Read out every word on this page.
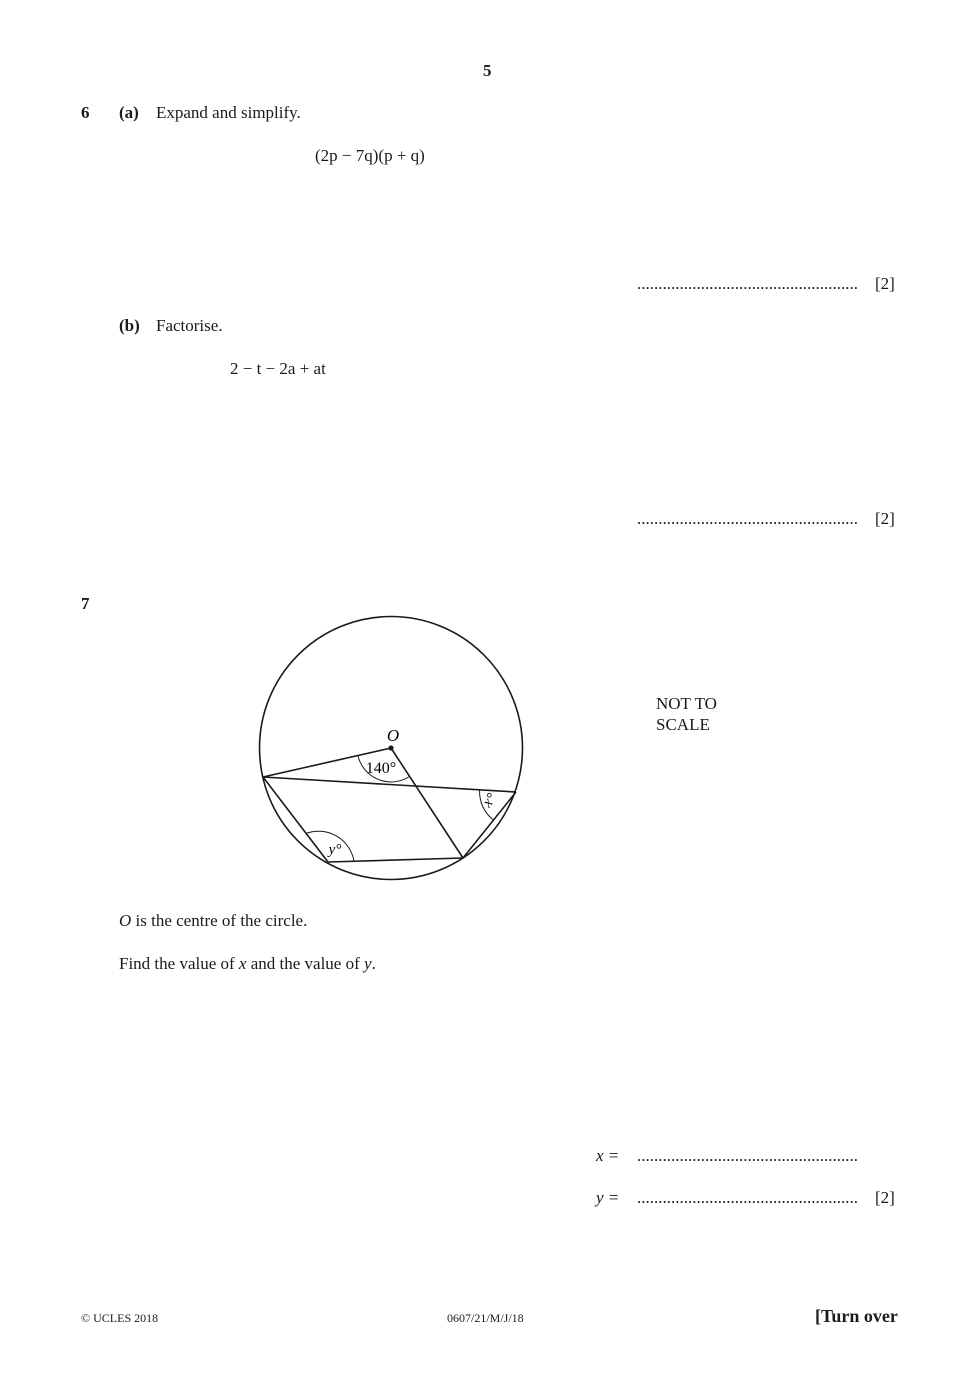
5
6 (a) Expand and simplify.
(2p − 7q)(p + q)
.................................................... [2]
(b) Factorise.
2 − t − 2a + at
.................................................... [2]
7
O
140°
x°
y°
NOT TO
SCALE
O is the centre of the circle.
Find the value of x and the value of y.
x = ....................................................
y = .................................................... [2]
© UCLES 2018	0607/21/M/J/18	[Turn over
